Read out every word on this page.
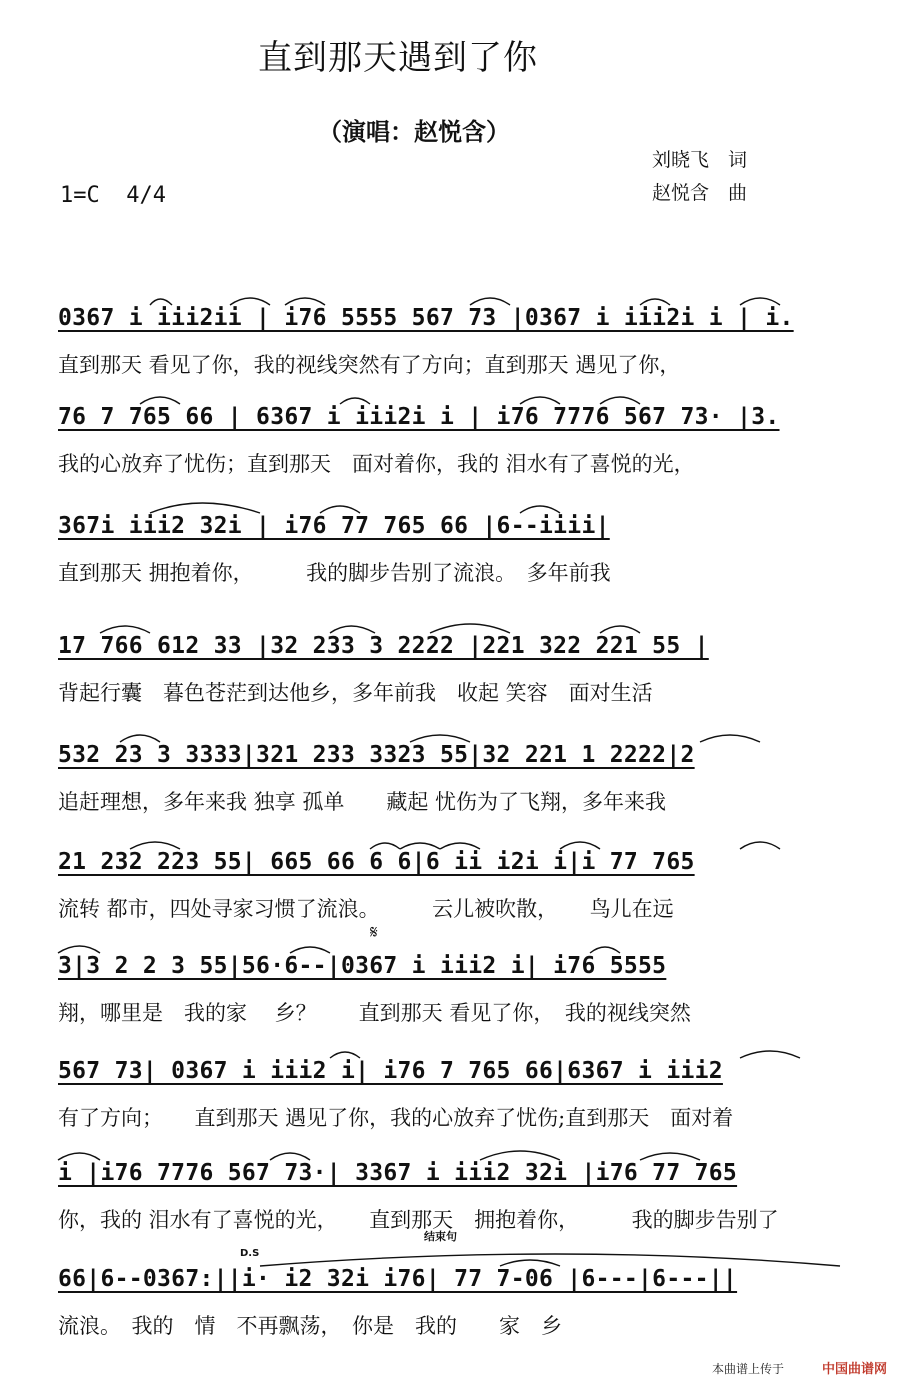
直到那天遇到了你
（演唱：赵悦含）
刘晓飞　词
赵悦含　曲
1=C  4/4
0367 i iii2ii | i76 5555 567 73 |0367 i iii2i i | i.
直到那天 看见了你，我的视线突然有了方向；直到那天 遇见了你，
76 7 765 66 | 6367 i iii2i i | i76 7776 567 73· |3.
我的心放弃了忧伤；直到那天　面对着你，我的 泪水有了喜悦的光，
367i iii2 32i | i76 77 765 66 |6--iiii|
直到那天 拥抱着你，　　　我的脚步告别了流浪。　多年前我
17 766 612 33 |32 233 3 2222 |221 322 221 55 |
背起行囊　暮色苍茫到达他乡，多年前我　收起 笑容　面对生活
532 23 3 3333|321 233 3323 55|32 221 1 2222|2
追赶理想，多年来我 独享 孤单　　藏起 忧伤为了飞翔，多年来我
21 232 223 55| 665 66 6 6|6 ii i2i i|i 77 765
流转 都市，四处寻家习惯了流浪。　　　云儿被吹散，　　鸟儿在远
3|3 2 2 3 55|56·6--|0367 i iii2 i| i76 5555
翔，哪里是　我的家　 乡？　　直到那天 看见了你，　我的视线突然
567 73| 0367 i iii2 i| i76 7 765 66|6367 i iii2
有了方向；　　直到那天 遇见了你，我的心放弃了忧伤;直到那天　面对着
i |i76 7776 567 73·| 3367 i iii2 32i |i76 77 765
你，我的 泪水有了喜悦的光，　　直到那天　拥抱着你，　　　我的脚步告别了
66|6--0367:||i· i2 32i i76| 77 7-06 |6---|6---||
流浪。　我的　情　不再飘荡，　你是　我的　　家　乡
𝄋
D.S
结束句
本曲谱上传于	中国曲谱网
